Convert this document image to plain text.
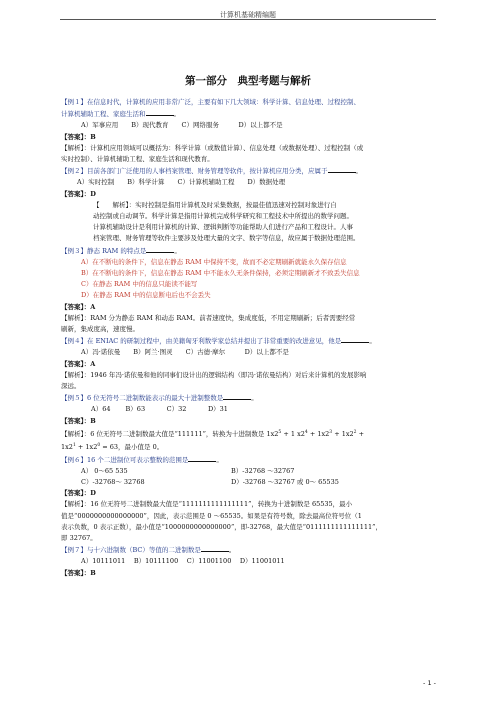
计算机基础精编题
第一部分　典型考题与解析

【例１】在信息时代，计算机的应用非常广泛，主要有如下几大领域：科学计算、信息处理、过程控制、

计算机辅助工程、家庭生活和	。

A）军事应用　　B）现代教育　　C）网络服务　　　D）以上都不是

【答案】：B

【解析】：计算机应用领域可以概括为：科学计算（或数值计算）、信息处理（或数据处理）、过程控制（或

实时控制）、计算机辅助工程、家庭生活和现代教育。

【例２】目前各部门广泛使用的人事档案管理、财务管理等软件，按计算机应用分类，应属于	。

A）实时控制　　B）科学计算　　C）计算机辅助工程　　D）数据处理

【答案】：D

【　　解析】：实时控制是指用计算机及时采集数据，按最佳值迅速对控制对象进行自

动控制或自动调节。科学计算是指用计算机完成科学研究和工程技术中所提出的数学问题。

计算机辅助设计是利用计算机的计算、逻辑判断等功能帮助人们进行产品和工程设计。人事

档案管理、财务管理等软件主要涉及处理大量的文字、数字等信息，故应属于数据处理范围。

【例３】静态 RAM 的特点是	。

A）在不断电的条件下，信息在静态 RAM 中保持不变，故而不必定期刷新就能永久保存信息

B）在不断电的条件下，信息在静态 RAM 中不能永久无条件保持，必须定期刷新才不致丢失信息

C）在静态 RAM 中的信息只能读不能写

D）在静态 RAM 中的信息断电后也不会丢失

【答案】：A

【解析】：RAM 分为静态 RAM 和动态 RAM。前者速度快，集成度低，不用定期刷新；后者需要经常

刷新，集成度高，速度慢。

【例４】在 ENIAC 的研制过程中，由美籍匈牙利数学家总结并提出了非常重要的改进意见，他是	。

A）冯·诺依曼　　B）阿兰·图灵　　C）古德·摩尔　　　D）以上都不是

【答案】：A

【解析】：1946 年冯·诺依曼和他的同事们设计出的逻辑结构（即冯·诺依曼结构）对后来计算机的发展影响

深远。

【例５】6 位无符号二进制数能表示的最大十进制整数是	。

A）64　　 B）63　　　 C）32　　　 D）31

【答案】：B

【解析】：6 位无符号二进制数最大值是“111111”，转换为十进制数是 $1x2^5 + 1$ $x2^4 + 1x2^3 + 1x2^2$ +

$1x2^1 + 1x2^0 = 63$，最小值是 0。

【例６】16 个二进制位可表示整数的范围是	。

A） 0～65 535	B）-32768 ～32767
C）-32768～ 32768	D）-32768 ～32767 或 0～ 65535

【答案】：D

【解析】：16 位无符号二进制数最大值是“1111111111111111”，转换为十进制数是 65535，最小

值是“0000000000000000”，因此，表示范围是 0 ～65535。如果是有符号数，除去最高位符号位（1

表示负数，0 表示正数），最小值是“1000000000000000”，即-32768，最大值是“0111111111111111”，

即 32767。

【例７】与十六进制数（BC）等值的二进制数是	。

A）10111011　 B）10111100　 C）11001100　 D）11001011

【答案】：B

- 1 -
